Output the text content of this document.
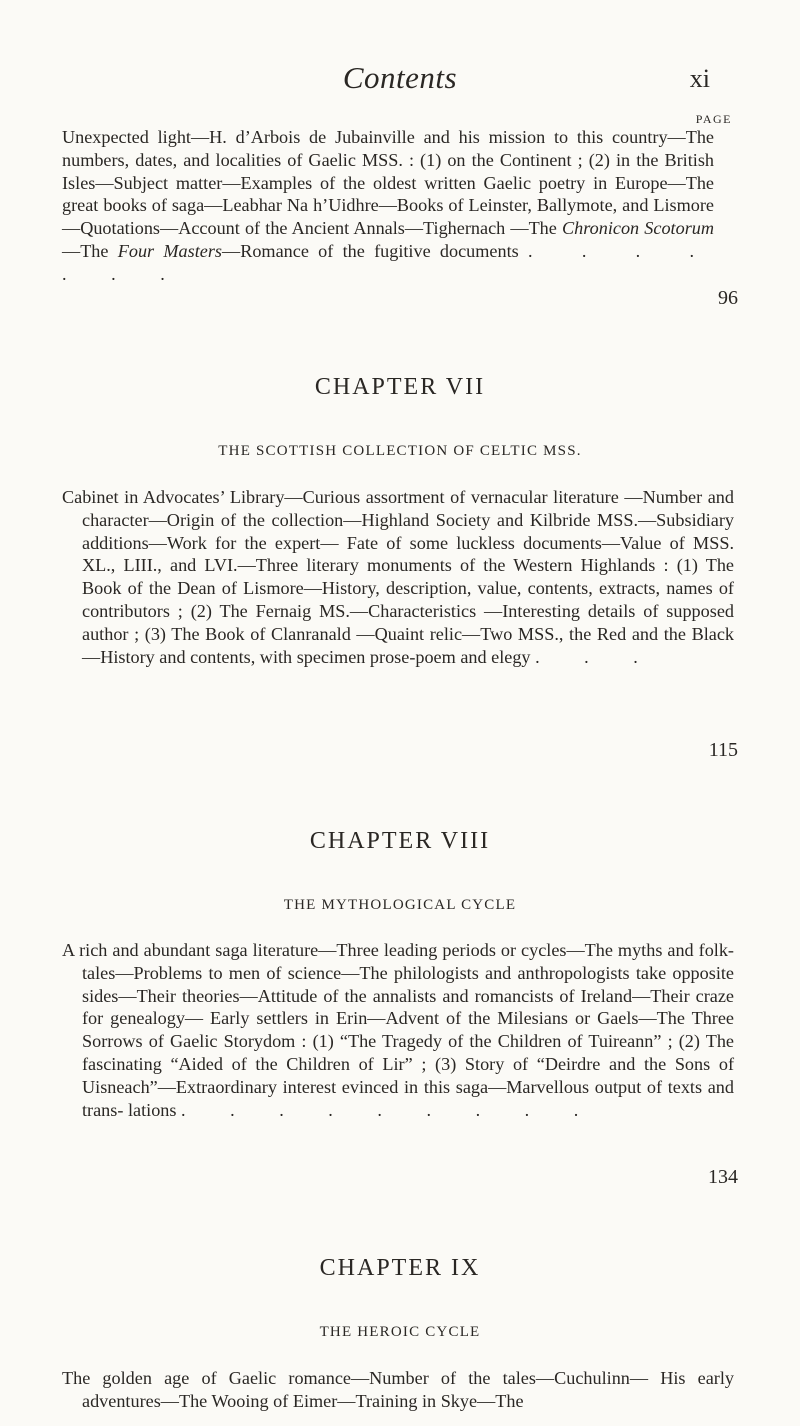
Contents	xi
PAGE
Unexpected light—H. d’Arbois de Jubainville and his mission to this country—The numbers, dates, and localities of Gaelic MSS. : (1) on the Continent ; (2) in the British Isles—Subject matter—Examples of the oldest written Gaelic poetry in Europe—The great books of saga—Leabhar Na h’Uidhre—Books of Leinster, Ballymote, and Lismore—Quotations—Account of the Ancient Annals—Tighernach —The Chronicon Scotorum—The Four Masters—Romance of the fugitive documents . . . . . . .
96
CHAPTER VII
THE SCOTTISH COLLECTION OF CELTIC MSS.
Cabinet in Advocates’ Library—Curious assortment of vernacular literature —Number and character—Origin of the collection—Highland Society and Kilbride MSS.—Subsidiary additions—Work for the expert— Fate of some luckless documents—Value of MSS. XL., LIII., and LVI.—Three literary monuments of the Western Highlands : (1) The Book of the Dean of Lismore—History, description, value, contents, extracts, names of contributors ; (2) The Fernaig MS.—Characteristics —Interesting details of supposed author ; (3) The Book of Clanranald —Quaint relic—Two MSS., the Red and the Black—History and contents, with specimen prose-poem and elegy . . .
115
CHAPTER VIII
THE MYTHOLOGICAL CYCLE
A rich and abundant saga literature—Three leading periods or cycles—The myths and folk-tales—Problems to men of science—The philologists and anthropologists take opposite sides—Their theories—Attitude of the annalists and romancists of Ireland—Their craze for genealogy— Early settlers in Erin—Advent of the Milesians or Gaels—The Three Sorrows of Gaelic Storydom : (1) “The Tragedy of the Children of Tuireann” ; (2) The fascinating “Aided of the Children of Lir” ; (3) Story of “Deirdre and the Sons of Uisneach”—Extraordinary interest evinced in this saga—Marvellous output of texts and trans- lations . . . . . . . . .
134
CHAPTER IX
THE HEROIC CYCLE
The golden age of Gaelic romance—Number of the tales—Cuchulinn— His early adventures—The Wooing of Eimer—Training in Skye—The
